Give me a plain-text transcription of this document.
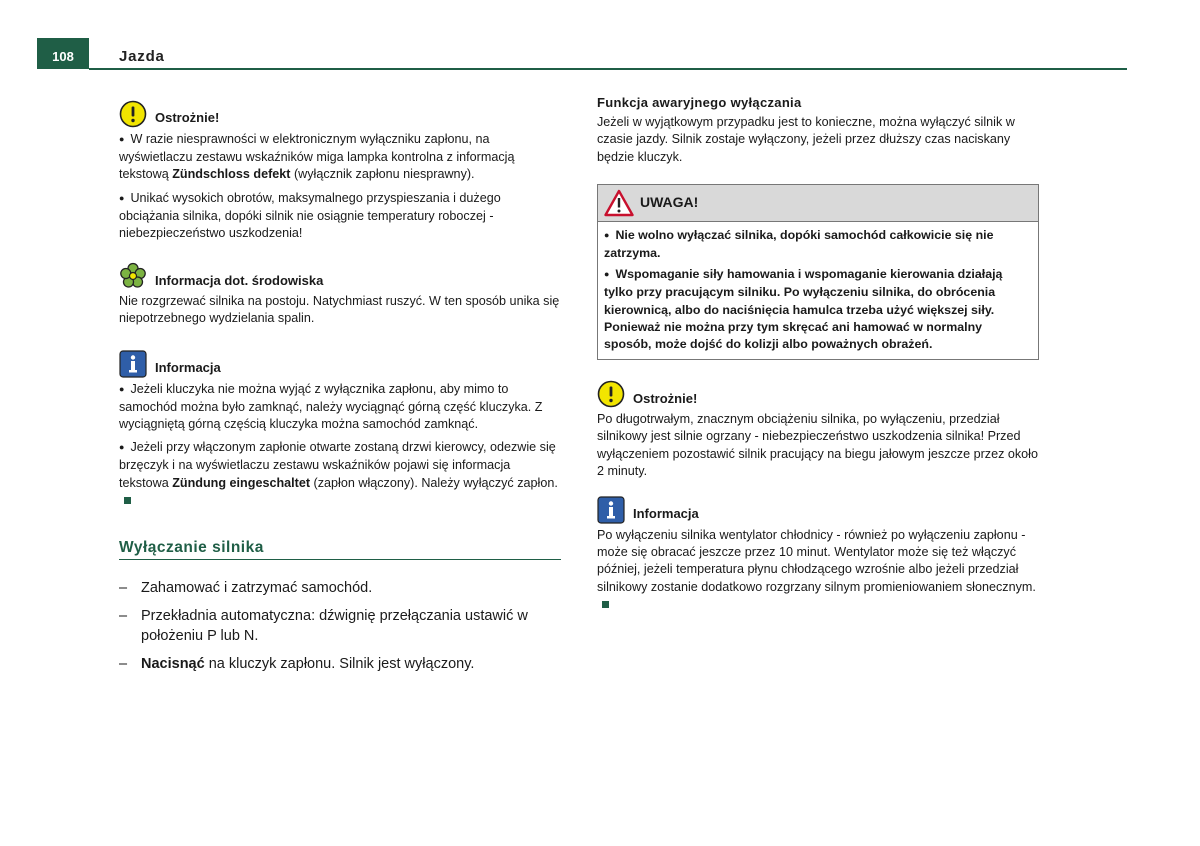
108	Jazda
Ostrożnie!

● W razie niesprawności w elektronicznym wyłączniku zapłonu, na wyświetlaczu zestawu wskaźników miga lampka kontrolna z informacją tekstową Zündschloss defekt (wyłącznik zapłonu niesprawny).

● Unikać wysokich obrotów, maksymalnego przyspieszania i dużego obciążania silnika, dopóki silnik nie osiągnie temperatury roboczej - niebezpieczeństwo uszkodzenia!

Informacja dot. środowiska

Nie rozgrzewać silnika na postoju. Natychmiast ruszyć. W ten sposób unika się niepotrzebnego wydzielania spalin.

Informacja

● Jeżeli kluczyka nie można wyjąć z wyłącznika zapłonu, aby mimo to samochód można było zamknąć, należy wyciągnąć górną część kluczyka. Z wyciągniętą górną częścią kluczyka można samochód zamknąć.

● Jeżeli przy włączonym zapłonie otwarte zostaną drzwi kierowcy, odezwie się brzęczyk i na wyświetlaczu zestawu wskaźników pojawi się informacja tekstowa Zündung eingeschaltet (zapłon włączony). Należy wyłączyć zapłon.

Wyłączanie silnika
– Zahamować i zatrzymać samochód.
– Przekładnia automatyczna: dźwignię przełączania ustawić w położeniu P lub N.
– Nacisnąć na kluczyk zapłonu. Silnik jest wyłączony.
Funkcja awaryjnego wyłączania

Jeżeli w wyjątkowym przypadku jest to konieczne, można wyłączyć silnik w czasie jazdy. Silnik zostaje wyłączony, jeżeli przez dłuższy czas naciskany będzie kluczyk.

UWAGA!

● Nie wolno wyłączać silnika, dopóki samochód całkowicie się nie zatrzyma.

● Wspomaganie siły hamowania i wspomaganie kierowania działają tylko przy pracującym silniku. Po wyłączeniu silnika, do obrócenia kierownicą, albo do naciśnięcia hamulca trzeba użyć większej siły. Ponieważ nie można przy tym skręcać ani hamować w normalny sposób, może dojść do kolizji albo poważnych obrażeń.

Ostrożnie!

Po długotrwałym, znacznym obciążeniu silnika, po wyłączeniu, przedział silnikowy jest silnie ogrzany - niebezpieczeństwo uszkodzenia silnika! Przed wyłączeniem pozostawić silnik pracujący na biegu jałowym jeszcze przez około 2 minuty.

Informacja

Po wyłączeniu silnika wentylator chłodnicy - również po wyłączeniu zapłonu - może się obracać jeszcze przez 10 minut. Wentylator może się też włączyć później, jeżeli temperatura płynu chłodzącego wzrośnie albo jeżeli przedział silnikowy zostanie dodatkowo rozgrzany silnym promieniowaniem słonecznym.
